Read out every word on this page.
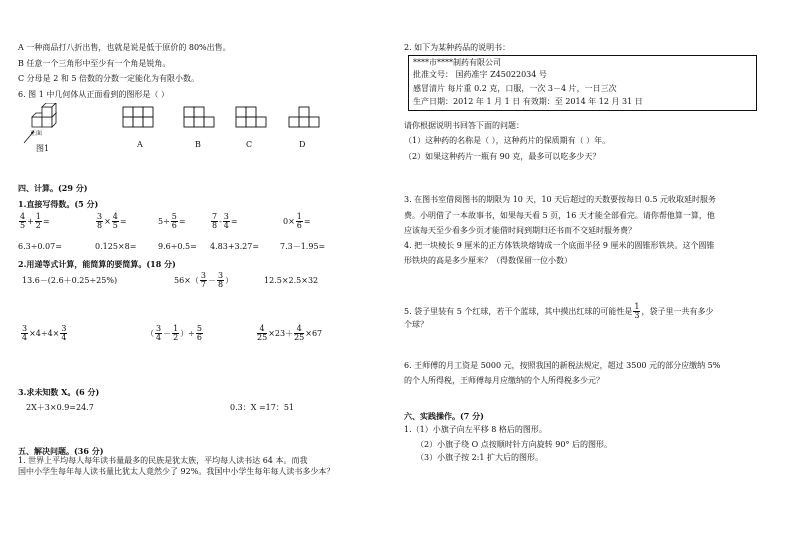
A 一种商品打八折出售，也就是说是低于原价的 80%出售。
B 任意一个三角形中至少有一个角是锐角。
C 分母是 2 和 5 倍数的分数一定能化为有限小数。
6. 图 1 中几何体从正面看到的图形是（ ）
正面
图1	A	B	C	D
四、计算。(29 分)
1.直接写得数。(5 分)
$\frac{4}{5} + \frac{1}{2}$ =	$\frac{3}{8} \times \frac{4}{5}$ =	$5\div \frac{5}{6}$ =	$\frac{7}{8} - \frac{3}{4}$ =	$0\times \frac{1}{6}$ =
6.3÷0.07=	0.125×8=	9.6÷0.5= 4.83+3.27=	7.3－1.95=
2.用递等式计算，能简算的要简算。(18 分)
13.6－(2.6＋0.25÷25%)	$56\times( \frac{3}{7} - \frac{3}{8}$ ）	12.5×2.5×32
$\frac{3}{4} \times 4\div 4\times \frac{3}{4}$	（ $\frac{3}{4} - \frac{1}{2}$ ）÷ $\frac{5}{6}$	$\frac{4}{25} \times 23+ \frac{4}{25} \times 67$
3.求未知数 X。(6 分)
2X＋3×0.9=24.7	0.3：X =17：51
五、解决问题。(36 分)
1. 世界上平均每人每年读书量最多的民族是犹太族，平均每人读书达 64 本。而我
国中小学生每年每人读书量比犹太人竟然少了 92%。我国中小学生每年每人读书多少本？
2. 如下为某种药品的说明书：
****市****制药有限公司
批准文号： 国药准字 Z45022034 号
感冒清片 每片重 0.2 克，口服，一次 3－4 片，一日三次
生产日期：2012 年 1 月 1 日 有效期：至 2014 年 12 月 31 日
请你根据说明书回答下面的问题：
（1）这种药的名称是（ ），这种药片的保质期有（ ）年。
（2）如果这种药片一瓶有 90 克，最多可以吃多少天？
3. 在图书室借阅图书的期限为 10 天，10 天后超过的天数要按每日 0.5 元收取延时服务
费。小明借了一本故事书，如果每天看 5 页，16 天才能全部看完。请你帮他算一算，他
应该每天至少看多少页才能借时间到期归还书而不交延时服务费？
4. 把一块棱长 9 厘米的正方体铁块熔铸成一个底面半径 9 厘米的圆锥形铁块。这个圆锥
形铁块的高是多少厘米？（得数保留一位小数）
5. 袋子里装有 5 个红球，若干个蓝球，其中摸出红球的可能性是 $\frac{1}{3}$ ，袋子里一共有多少
个球？
6. 王师傅的月工资是 5000 元，按照我国的新税法规定，超过 3500 元的部分应缴纳 5%
的个人所得税，王师傅每月应缴纳的个人所得税多少元？
六、实践操作。(7 分)
1.（1）小旗子向左平移 8 格后的图形。
（2）小旗子绕 O 点按顺时针方向旋转 90° 后的图形。
（3）小旗子按 2:1 扩大后的图形。
